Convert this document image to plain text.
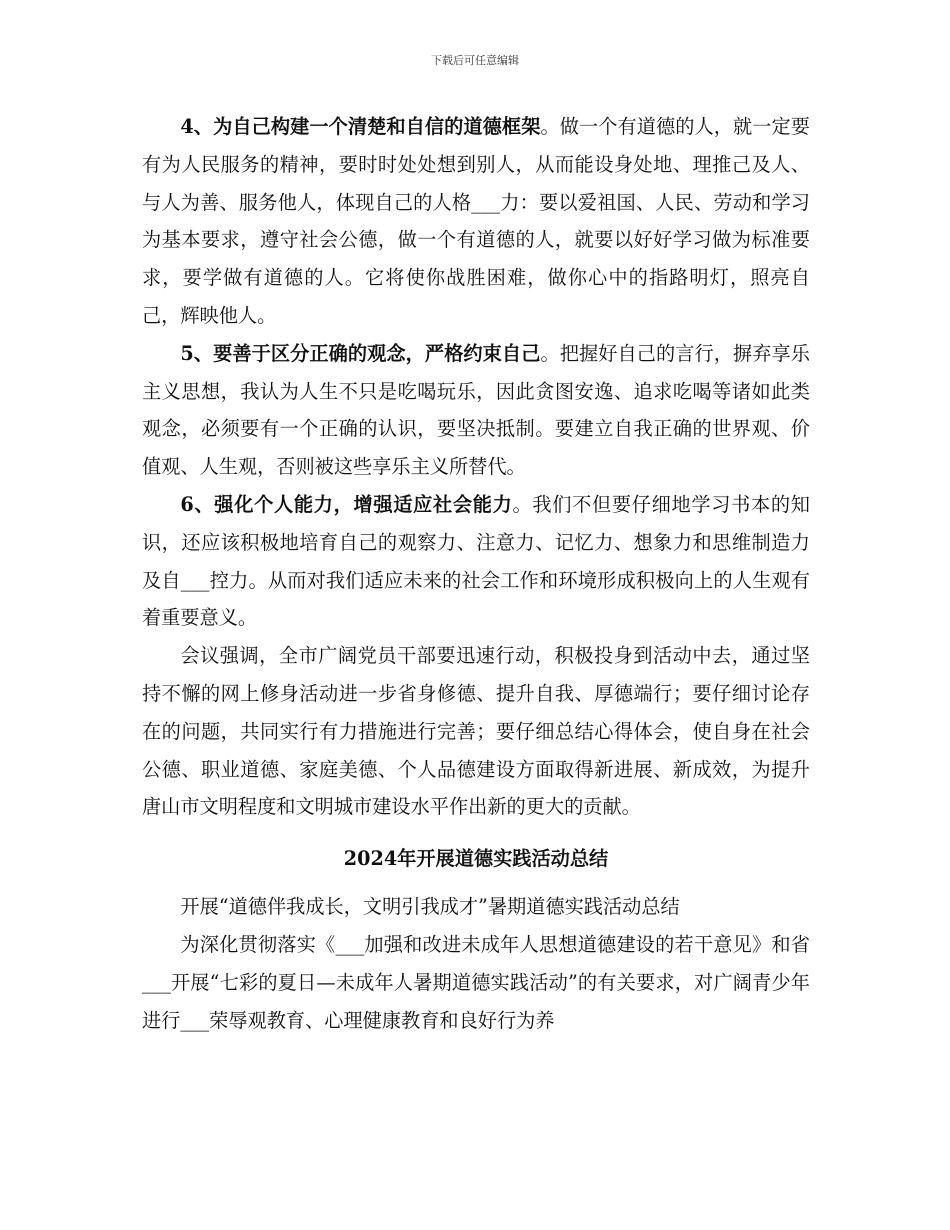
下载后可任意编辑

4、为自己构建一个清楚和自信的道德框架。做一个有道德的人，就一定要有为人民服务的精神，要时时处处想到别人，从而能设身处地、理推己及人、与人为善、服务他人，体现自己的人格___力：要以爱祖国、人民、劳动和学习为基本要求，遵守社会公德，做一个有道德的人，就要以好好学习做为标准要求，要学做有道德的人。它将使你战胜困难，做你心中的指路明灯，照亮自己，辉映他人。

5、要善于区分正确的观念，严格约束自己。把握好自己的言行，摒弃享乐主义思想，我认为人生不只是吃喝玩乐，因此贪图安逸、追求吃喝等诸如此类观念，必须要有一个正确的认识，要坚决抵制。要建立自我正确的世界观、价值观、人生观，否则被这些享乐主义所替代。

6、强化个人能力，增强适应社会能力。我们不但要仔细地学习书本的知识，还应该积极地培育自己的观察力、注意力、记忆力、想象力和思维制造力及自___控力。从而对我们适应未来的社会工作和环境形成积极向上的人生观有着重要意义。

会议强调，全市广阔党员干部要迅速行动，积极投身到活动中去，通过坚持不懈的网上修身活动进一步省身修德、提升自我、厚德端行；要仔细讨论存在的问题，共同实行有力措施进行完善；要仔细总结心得体会，使自身在社会公德、职业道德、家庭美德、个人品德建设方面取得新进展、新成效，为提升唐山市文明程度和文明城市建设水平作出新的更大的贡献。

2024年开展道德实践活动总结

开展“道德伴我成长，文明引我成才”暑期道德实践活动总结

为深化贯彻落实《___加强和改进未成年人思想道德建设的若干意见》和省___开展“七彩的夏日—未成年人暑期道德实践活动”的有关要求，对广阔青少年进行___荣辱观教育、心理健康教育和良好行为养
